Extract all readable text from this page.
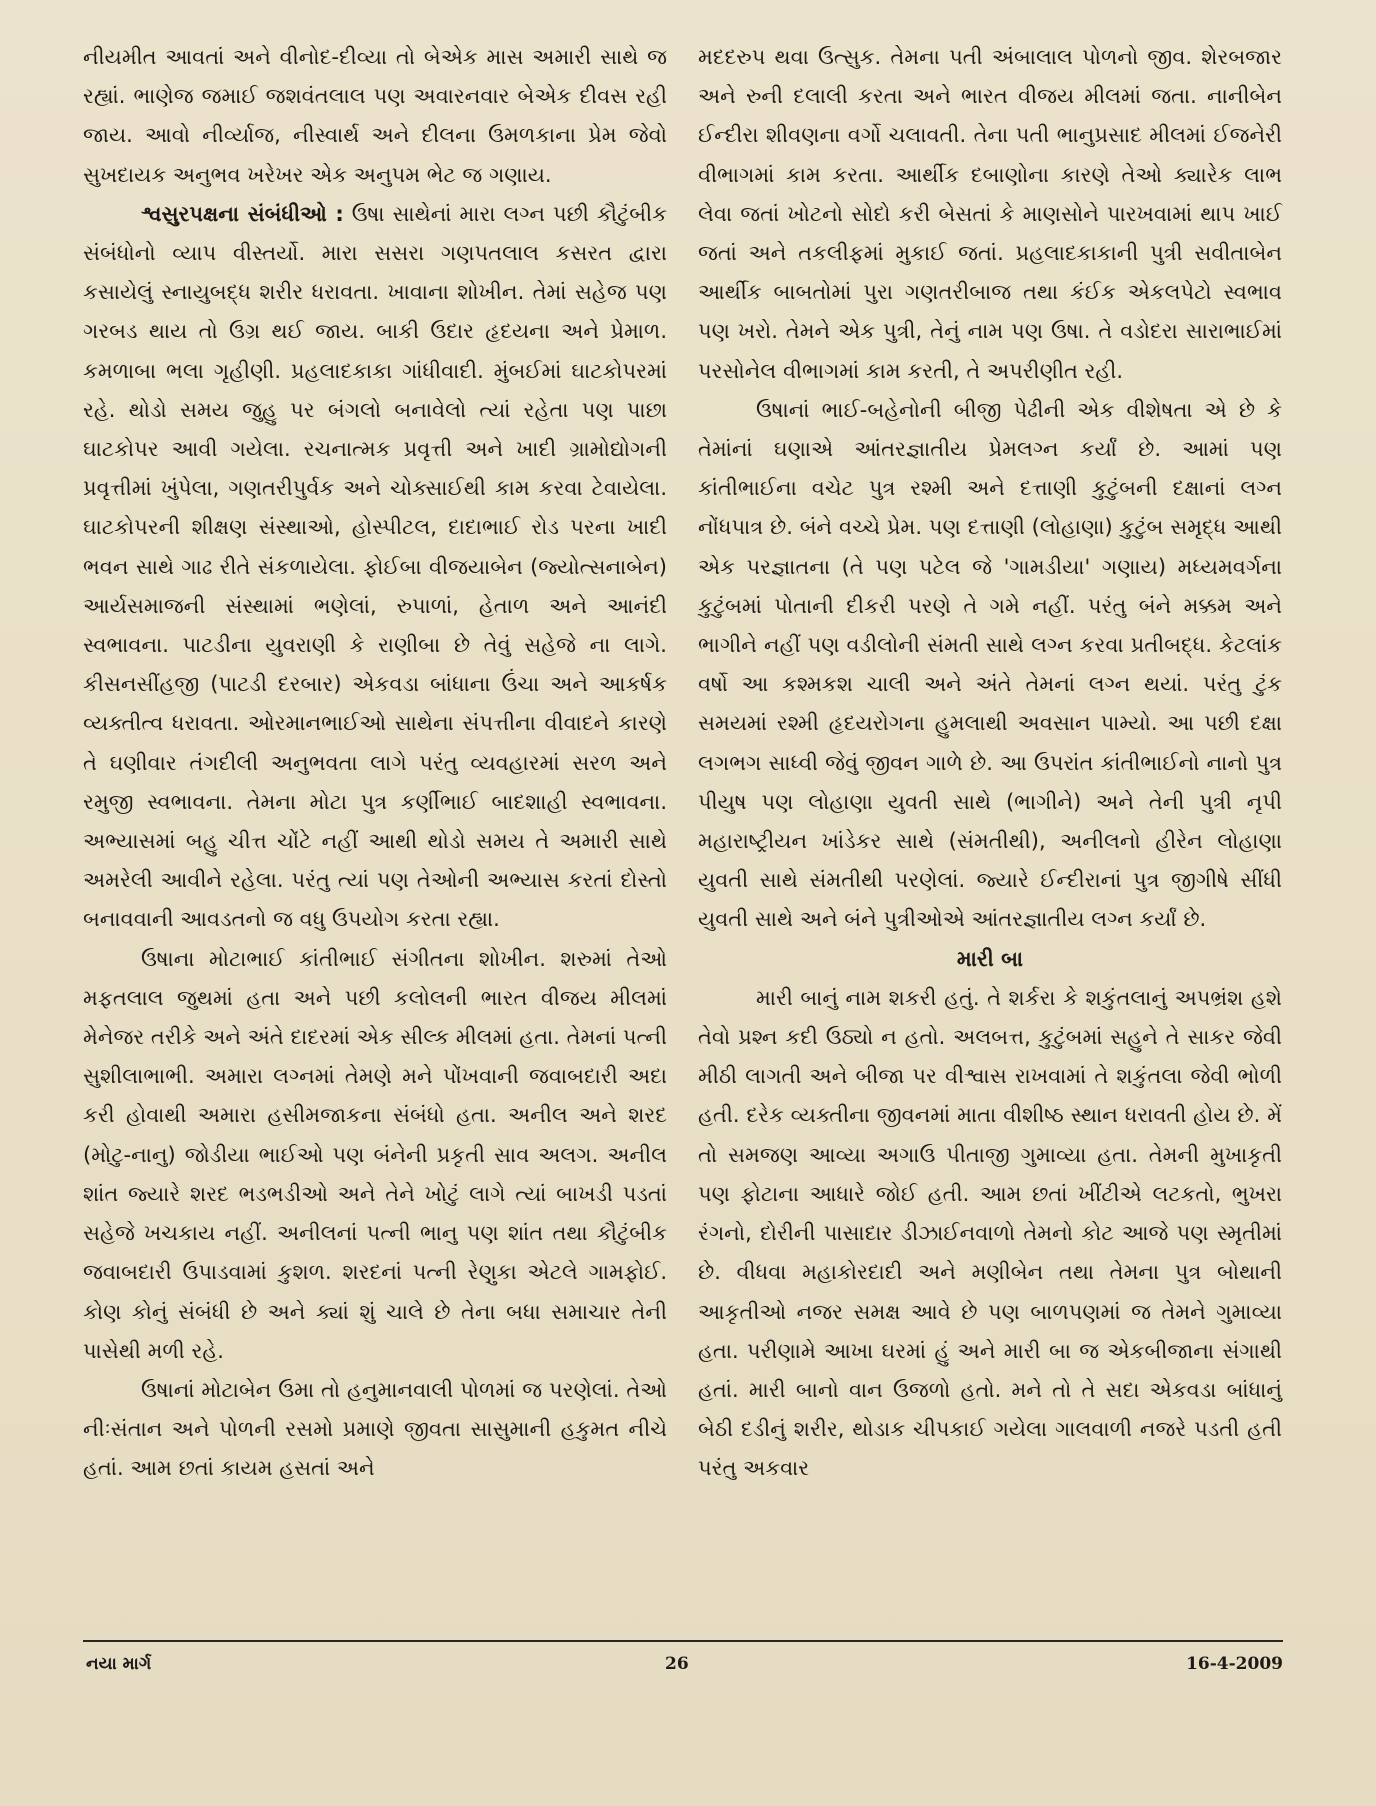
નીયમીત આવતાં અને વીનોદ-દીવ્યા તો બેએક માસ અમારી સાથે જ રહ્યાં. ભાણેજ જમાઈ જશવંતલાલ પણ અવારનવાર બેએક દીવસ રહી જાય. આવો નીર્વ્યાજ, નીસ્વાર્થ અને દીલના ઉમળકાના પ્રેમ જેવો સુખદાયક અનુભવ ખરેખર એક અનુપમ ભેટ જ ગણાય.

શ્વસુરપક્ષના સંબંધીઓ : ઉષા સાથેનાં મારા લગ્ન પછી કૌટુંબીક સંબંધોનો વ્યાપ વીસ્તર્યો. મારા સસરા ગણપતલાલ કસરત દ્વારા કસાયેલું સ્નાયુબદ્ધ શરીર ધરાવતા. ખાવાના શોખીન. તેમાં સહેજ પણ ગરબડ થાય તો ઉગ્ર થઈ જાય. બાકી ઉદાર હૃદયના અને પ્રેમાળ. કમળાબા ભલા ગૃહીણી. પ્રહલાદકાકા ગાંધીવાદી. મુંબઈમાં ઘાટકોપરમાં રહે. થોડો સમય જુહુ પર બંગલો બનાવેલો ત્યાં રહેતા પણ પાછા ઘાટકોપર આવી ગયેલા. રચનાત્મક પ્રવૃત્તી અને ખાદી ગ્રામોદ્યોગની પ્રવૃત્તીમાં ખુંપેલા, ગણતરીપુર્વક અને ચોક્સાઈથી કામ કરવા ટેવાયેલા. ઘાટકોપરની શીક્ષણ સંસ્થાઓ, હોસ્પીટલ, દાદાભાઈ રોડ પરના ખાદી ભવન સાથે ગાઢ રીતે સંકળાયેલા. ફોઈબા વીજયાબેન (જ્યોત્સનાબેન) આર્યસમાજની સંસ્થામાં ભણેલાં, રુપાળાં, હેતાળ અને આનંદી સ્વભાવના. પાટડીના યુવરાણી કે રાણીબા છે તેવું સહેજે ના લાગે. કીસનસીંહજી (પાટડી દરબાર) એકવડા બાંધાના ઉંચા અને આકર્ષક વ્યક્તીત્વ ધરાવતા. ઓરમાનભાઈઓ સાથેના સંપત્તીના વીવાદને કારણે તે ઘણીવાર તંગદીલી અનુભવતા લાગે પરંતુ વ્યવહારમાં સરળ અને રમુજી સ્વભાવના. તેમના મોટા પુત્ર કર્ણીભાઈ બાદશાહી સ્વભાવના. અભ્યાસમાં બહુ ચીત્ત ચોંટે નહીં આથી થોડો સમય તે અમારી સાથે અમરેલી આવીને રહેલા. પરંતુ ત્યાં પણ તેઓની અભ્યાસ કરતાં દોસ્તો બનાવવાની આવડતનો જ વધુ ઉપયોગ કરતા રહ્યા.

ઉષાના મોટાભાઈ કાંતીભાઈ સંગીતના શોખીન. શરુમાં તેઓ મફતલાલ જુથમાં હતા અને પછી કલોલની ભારત વીજય મીલમાં મેનેજર તરીકે અને અંતે દાદરમાં એક સીલ્ક મીલમાં હતા. તેમનાં પત્ની સુશીલાભાભી. અમારા લગ્નમાં તેમણે મને પોંખવાની જવાબદારી અદા કરી હોવાથી અમારા હસીમજાકના સંબંધો હતા. અનીલ અને શરદ (મોટુ-નાનુ) જોડીયા ભાઈઓ પણ બંનેની પ્રકૃતી સાવ અલગ. અનીલ શાંત જ્યારે શરદ ભડભડીઓ અને તેને ખોટું લાગે ત્યાં બાખડી પડતાં સહેજે ખચકાય નહીં. અનીલનાં પત્ની ભાનુ પણ શાંત તથા કૌટુંબીક જવાબદારી ઉપાડવામાં કુશળ. શરદનાં પત્ની રેણુકા એટલે ગામફોઈ. કોણ કોનું સંબંધી છે અને ક્યાં શું ચાલે છે તેના બધા સમાચાર તેની પાસેથી મળી રહે.

ઉષાનાં મોટાબેન ઉમા તો હનુમાનવાલી પોળમાં જ પરણેલાં. તેઓ નીઃસંતાન અને પોળની રસમો પ્રમાણે જીવતા સાસુમાની હકુમત નીચે હતાં. આમ છતાં કાયમ હસતાં અને

મદદરુપ થવા ઉત્સુક. તેમના પતી અંબાલાલ પોળનો જીવ. શેરબજાર અને રુની દલાલી કરતા અને ભારત વીજય મીલમાં જતા. નાનીબેન ઈન્દીરા શીવણના વર્ગો ચલાવતી. તેના પતી ભાનુપ્રસાદ મીલમાં ઈજનેરી વીભાગમાં કામ કરતા. આર્થીક દબાણોના કારણે તેઓ ક્યારેક લાભ લેવા જતાં ખોટનો સોદો કરી બેસતાં કે માણસોને પારખવામાં થાપ ખાઈ જતાં અને તકલીફમાં મુકાઈ જતાં. પ્રહલાદકાકાની પુત્રી સવીતાબેન આર્થીક બાબતોમાં પુરા ગણતરીબાજ તથા કંઈક એકલપેટો સ્વભાવ પણ ખરો. તેમને એક પુત્રી, તેનું નામ પણ ઉષા. તે વડોદરા સારાભાઈમાં પરસોનેલ વીભાગમાં કામ કરતી, તે અપરીણીત રહી.

ઉષાનાં ભાઈ-બહેનોની બીજી પેઢીની એક વીશેષતા એ છે કે તેમાંનાં ઘણાએ આંતરજ્ઞાતીય પ્રેમલગ્ન કર્યાં છે. આમાં પણ કાંતીભાઈના વચેટ પુત્ર રશ્મી અને દત્તાણી કુટુંબની દક્ષાનાં લગ્ન નોંધપાત્ર છે. બંને વચ્ચે પ્રેમ. પણ દત્તાણી (લોહાણા) કુટુંબ સમૃદ્ધ આથી એક પરજ્ઞાતના (તે પણ પટેલ જે 'ગામડીયા' ગણાય) મધ્યમવર્ગના કુટુંબમાં પોતાની દીકરી પરણે તે ગમે નહીં. પરંતુ બંને મક્કમ અને ભાગીને નહીં પણ વડીલોની સંમતી સાથે લગ્ન કરવા પ્રતીબદ્ધ. કેટલાંક વર્ષો આ કશ્મકશ ચાલી અને અંતે તેમનાં લગ્ન થયાં. પરંતુ ટુંક સમયમાં રશ્મી હૃદયરોગના હુમલાથી અવસાન પામ્યો. આ પછી દક્ષા લગભગ સાધ્વી જેવું જીવન ગાળે છે. આ ઉપરાંત કાંતીભાઈનો નાનો પુત્ર પીયુષ પણ લોહાણા યુવતી સાથે (ભાગીને) અને તેની પુત્રી નૃપી મહારાષ્ટ્રીયન ખાંડેકર સાથે (સંમતીથી), અનીલનો હીરેન લોહાણા યુવતી સાથે સંમતીથી પરણેલાં. જ્યારે ઈન્દીરાનાં પુત્ર જીગીષે સીંધી યુવતી સાથે અને બંને પુત્રીઓએ આંતરજ્ઞાતીય લગ્ન કર્યાં છે.

મારી બા

મારી બાનું નામ શકરી હતું. તે શર્કરા કે શકુંતલાનું અપભ્રંશ હશે તેવો પ્રશ્ન કદી ઉઠ્યો ન હતો. અલબત્ત, કુટુંબમાં સહુને તે સાકર જેવી મીઠી લાગતી અને બીજા પર વીશ્વાસ રાખવામાં તે શકુંતલા જેવી ભોળી હતી. દરેક વ્યક્તીના જીવનમાં માતા વીશીષ્ઠ સ્થાન ધરાવતી હોય છે. મેં તો સમજણ આવ્યા અગાઉ પીતાજી ગુમાવ્યા હતા. તેમની મુખાકૃતી પણ ફોટાના આધારે જોઈ હતી. આમ છતાં ખીંટીએ લટકતો, ભુખરા રંગનો, દોરીની પાસાદાર ડીઝાઈનવાળો તેમનો કોટ આજે પણ સ્મૃતીમાં છે. વીધવા મહાકોરદાદી અને મણીબેન તથા તેમના પુત્ર બોથાની આકૃતીઓ નજર સમક્ષ આવે છે પણ બાળપણમાં જ તેમને ગુમાવ્યા હતા. પરીણામે આખા ઘરમાં હું અને મારી બા જ એકબીજાના સંગાથી હતાં. મારી બાનો વાન ઉજળો હતો. મને તો તે સદા એકવડા બાંધાનું બેઠી દડીનું શરીર, થોડાક ચીપકાઈ ગયેલા ગાલવાળી નજરે પડતી હતી પરંતુ અકવાર

નયા માર્ગ	26	16-4-2009
